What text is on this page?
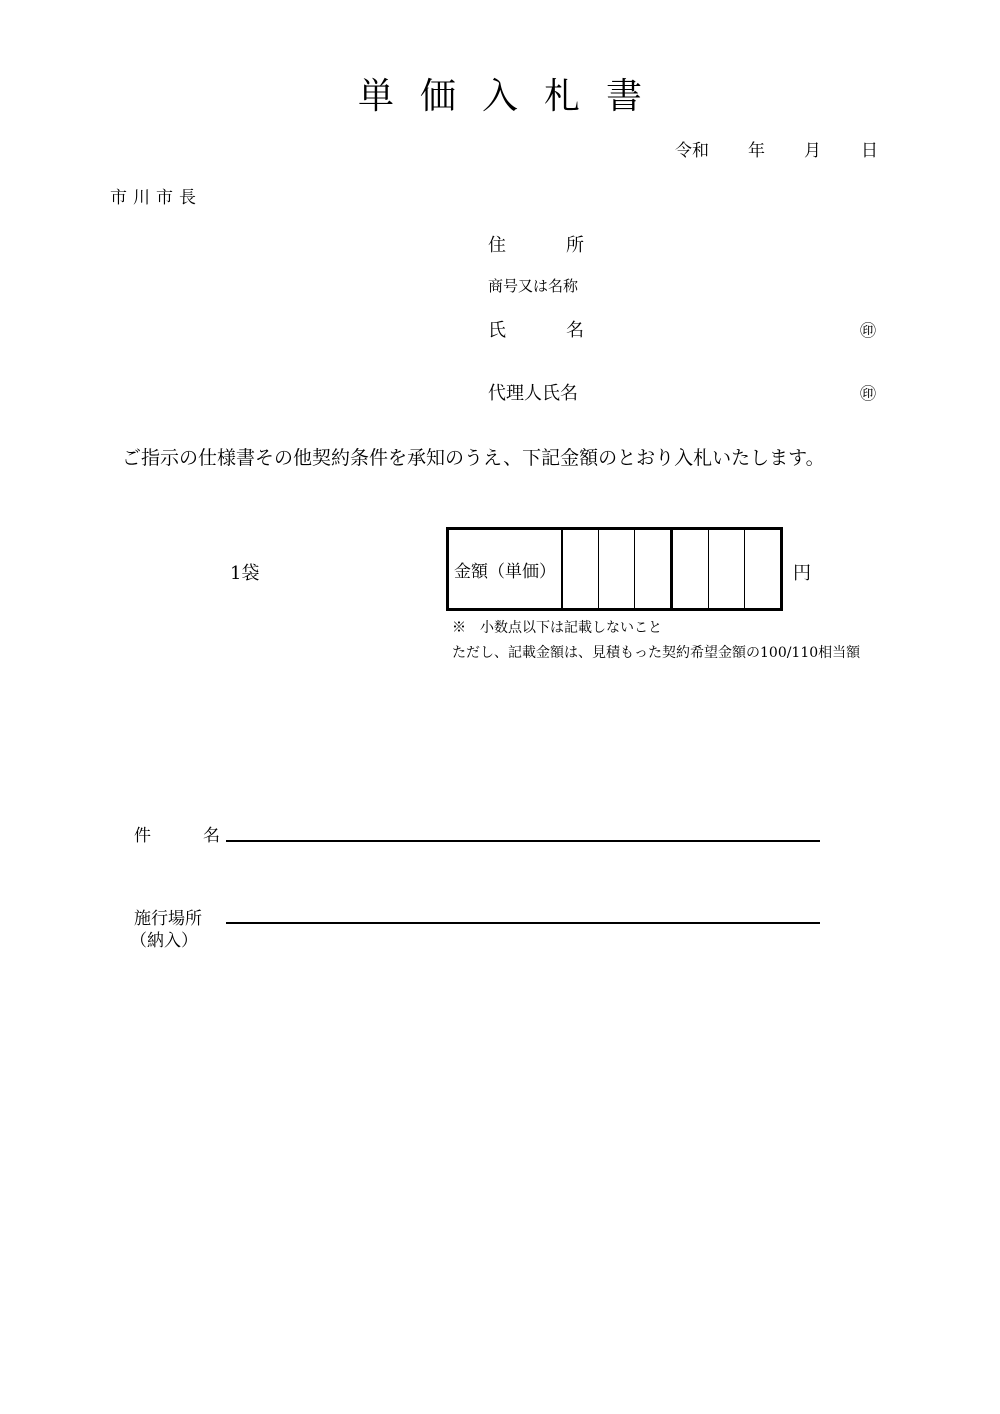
単価入札書
令和 年 月 日
市川市長
住　　所
商号又は名称
氏　　名	㊞
代理人氏名	㊞
ご指示の仕様書その他契約条件を承知のうえ、下記金額のとおり入札いたします。
1袋	金額（単価）	円
※　小数点以下は記載しないこと
ただし、記載金額は、見積もった契約希望金額の100/110相当額
件　　名
施行場所
（納入）
